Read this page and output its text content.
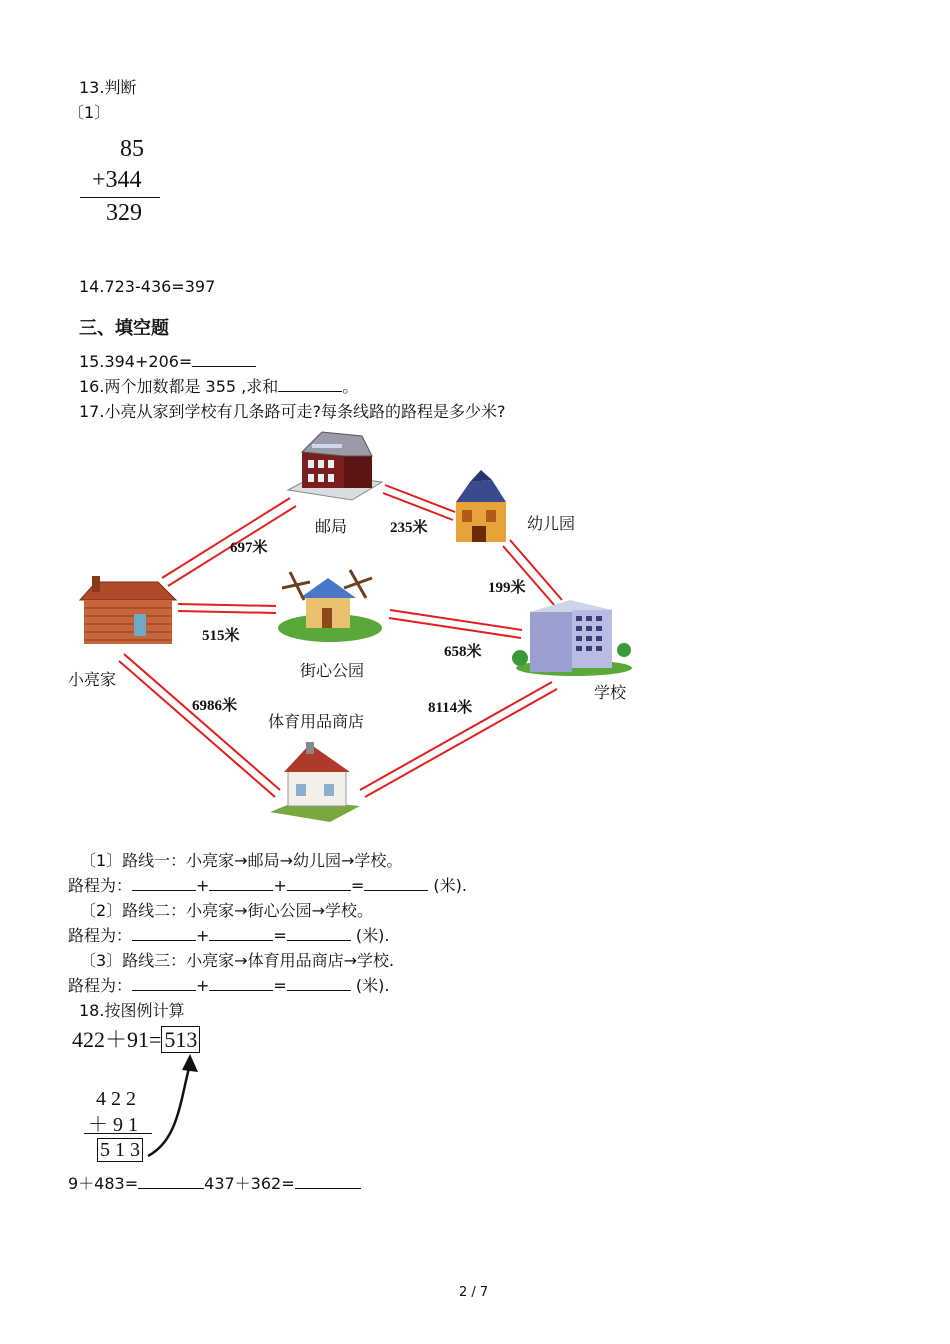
13.判断
〔1〕
85
+344
329
14.723-436=397
三、填空题
15.394+206=
16.两个加数都是 355 ,求和	。
17.小亮从家到学校有几条路可走?每条线路的路程是多少米?
邮局	幼儿园
小亮家	街心公园
学校
体育用品商店
697米
235米
199米
515米
658米
6986米	8114米
〔1〕路线一：小亮家→邮局→幼儿园→学校。
路程为：	+	+	=	(米).
〔2〕路线二：小亮家→街心公园→学校。
路程为：	+	=	(米).
〔3〕路线三：小亮家→体育用品商店→学校.
路程为：	+	=	(米).
18.按图例计算
422＋91= 513
4 2 2
＋ 9 1
5 1 3
9＋483=	437＋362=
2 / 7
